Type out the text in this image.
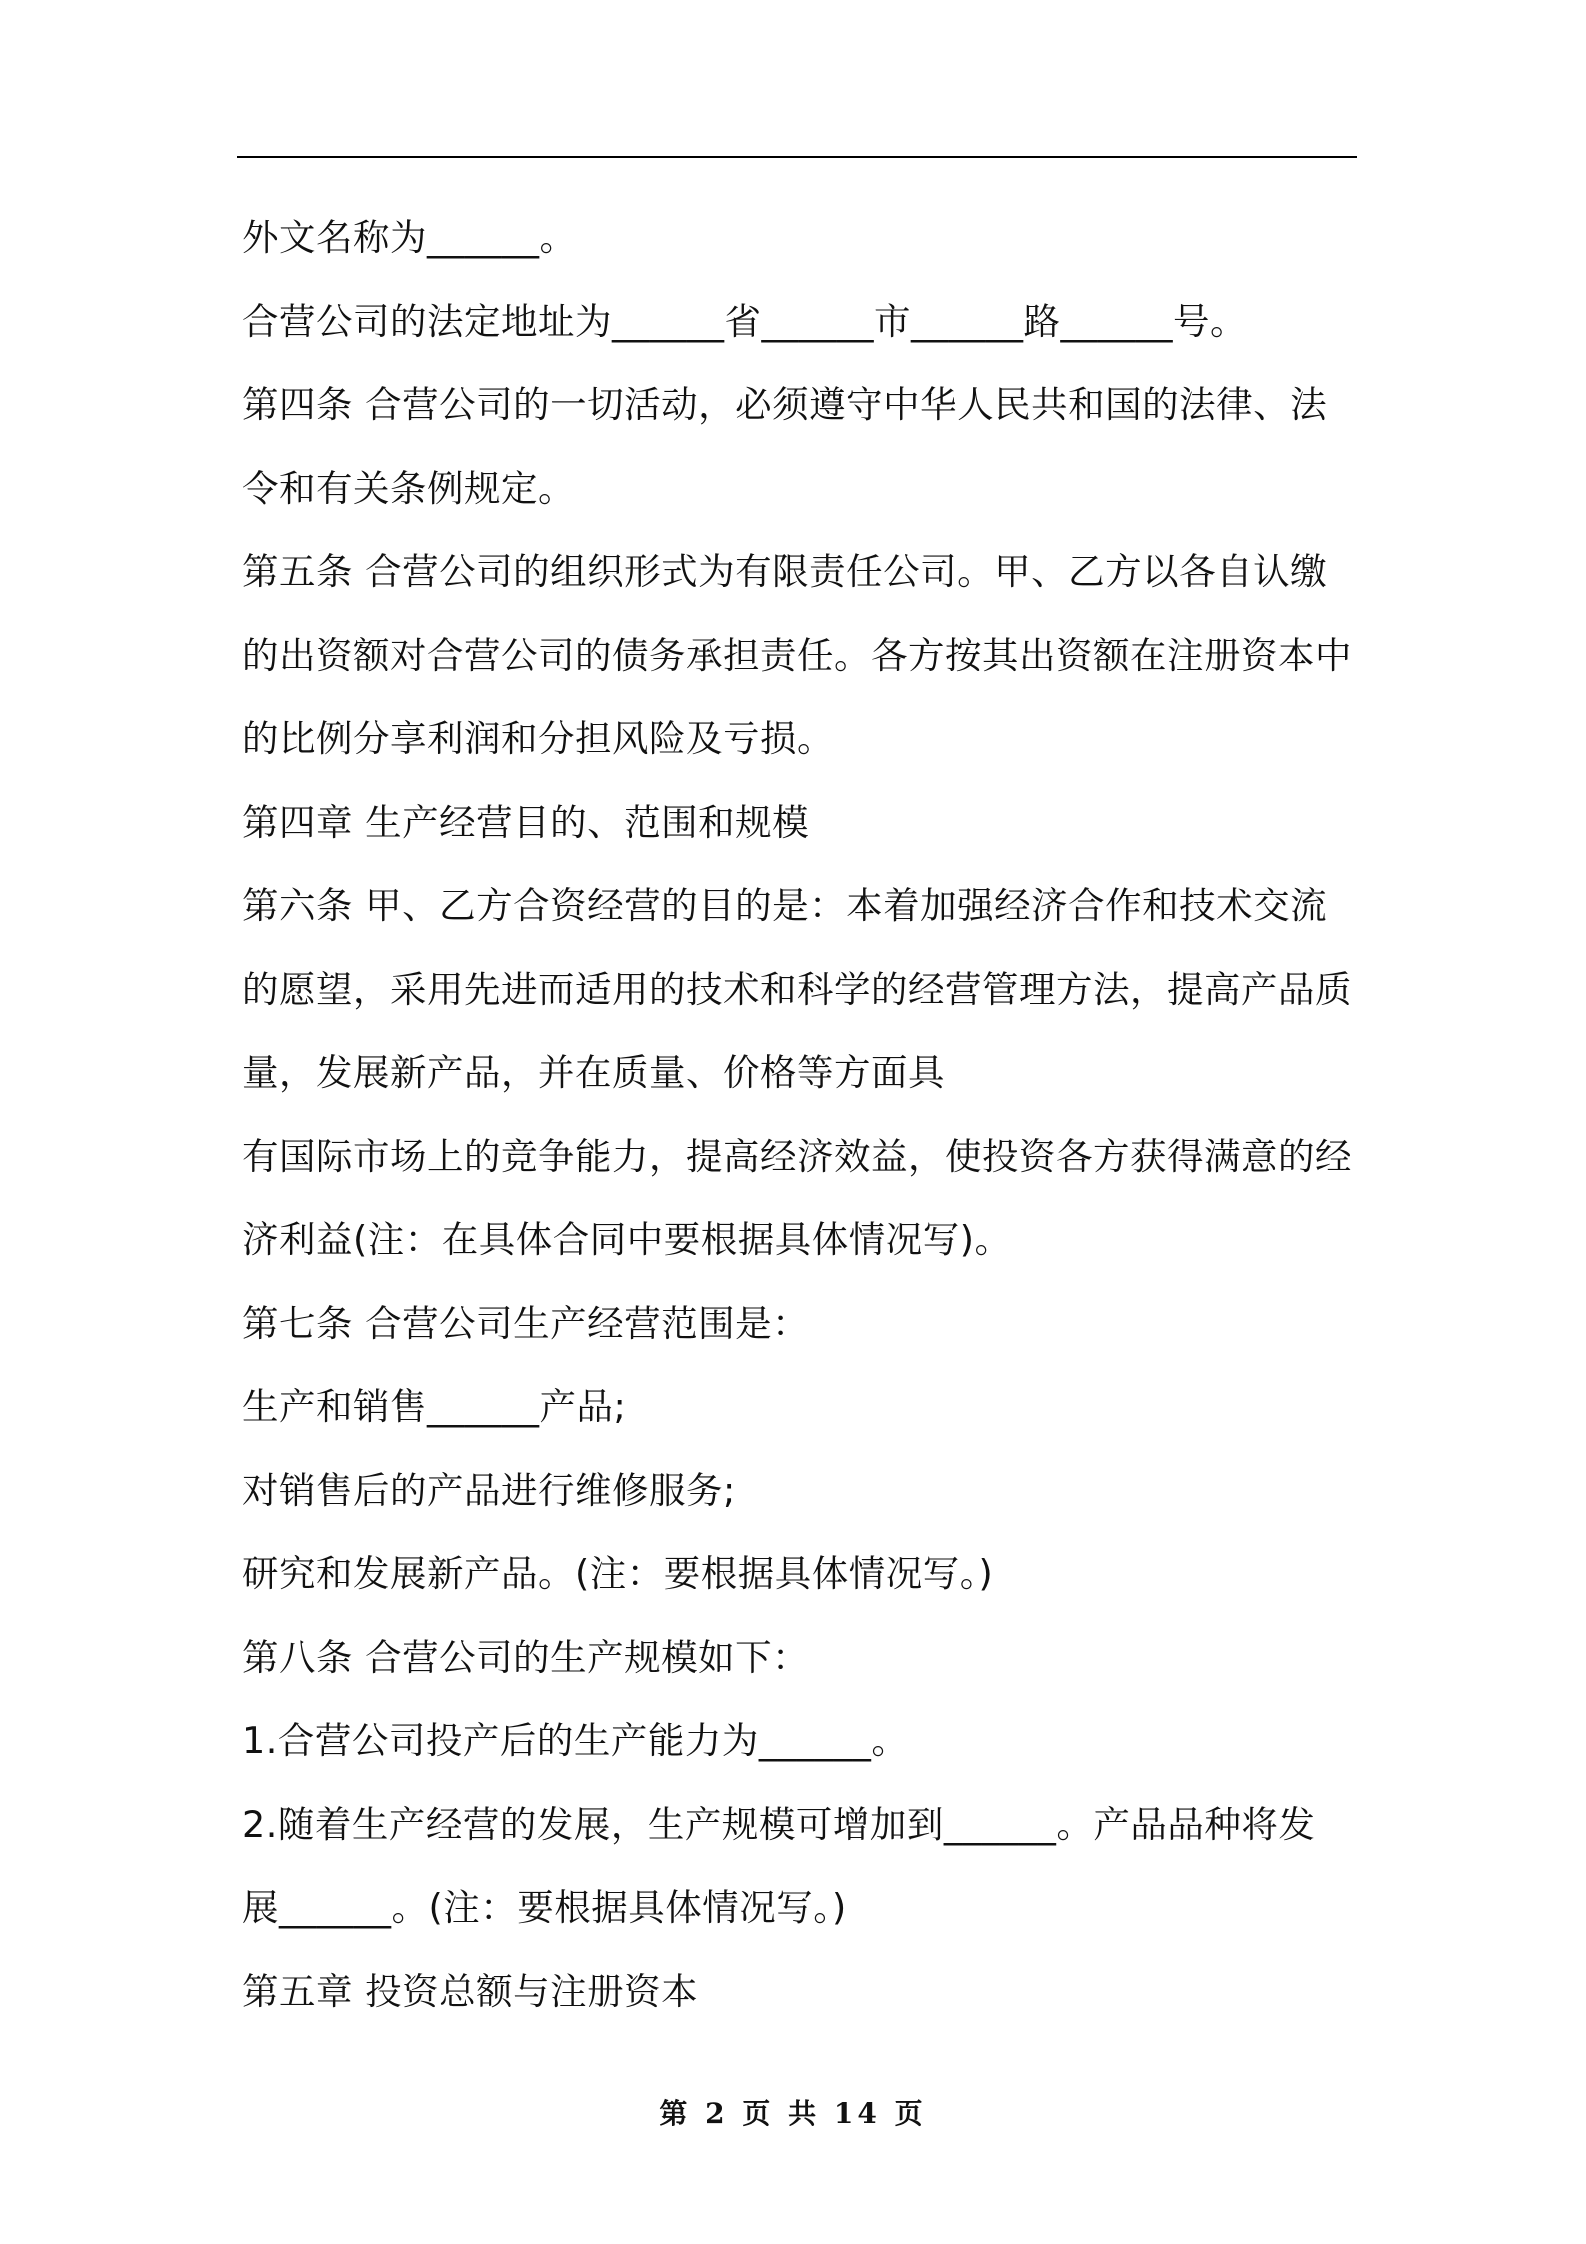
外文名称为______。
合营公司的法定地址为______省______市______路______号。
第四条 合营公司的一切活动，必须遵守中华人民共和国的法律、法
令和有关条例规定。
第五条 合营公司的组织形式为有限责任公司。甲、乙方以各自认缴
的出资额对合营公司的债务承担责任。各方按其出资额在注册资本中
的比例分享利润和分担风险及亏损。
第四章 生产经营目的、范围和规模
第六条 甲、乙方合资经营的目的是：本着加强经济合作和技术交流
的愿望，采用先进而适用的技术和科学的经营管理方法，提高产品质
量，发展新产品，并在质量、价格等方面具
有国际市场上的竞争能力，提高经济效益，使投资各方获得满意的经
济利益(注：在具体合同中要根据具体情况写)。
第七条 合营公司生产经营范围是：
生产和销售______产品;
对销售后的产品进行维修服务;
研究和发展新产品。(注：要根据具体情况写。)
第八条 合营公司的生产规模如下：
1.合营公司投产后的生产能力为______。
2.随着生产经营的发展，生产规模可增加到______。产品品种将发
展______。(注：要根据具体情况写。)
第五章 投资总额与注册资本
第 2 页 共 14 页
